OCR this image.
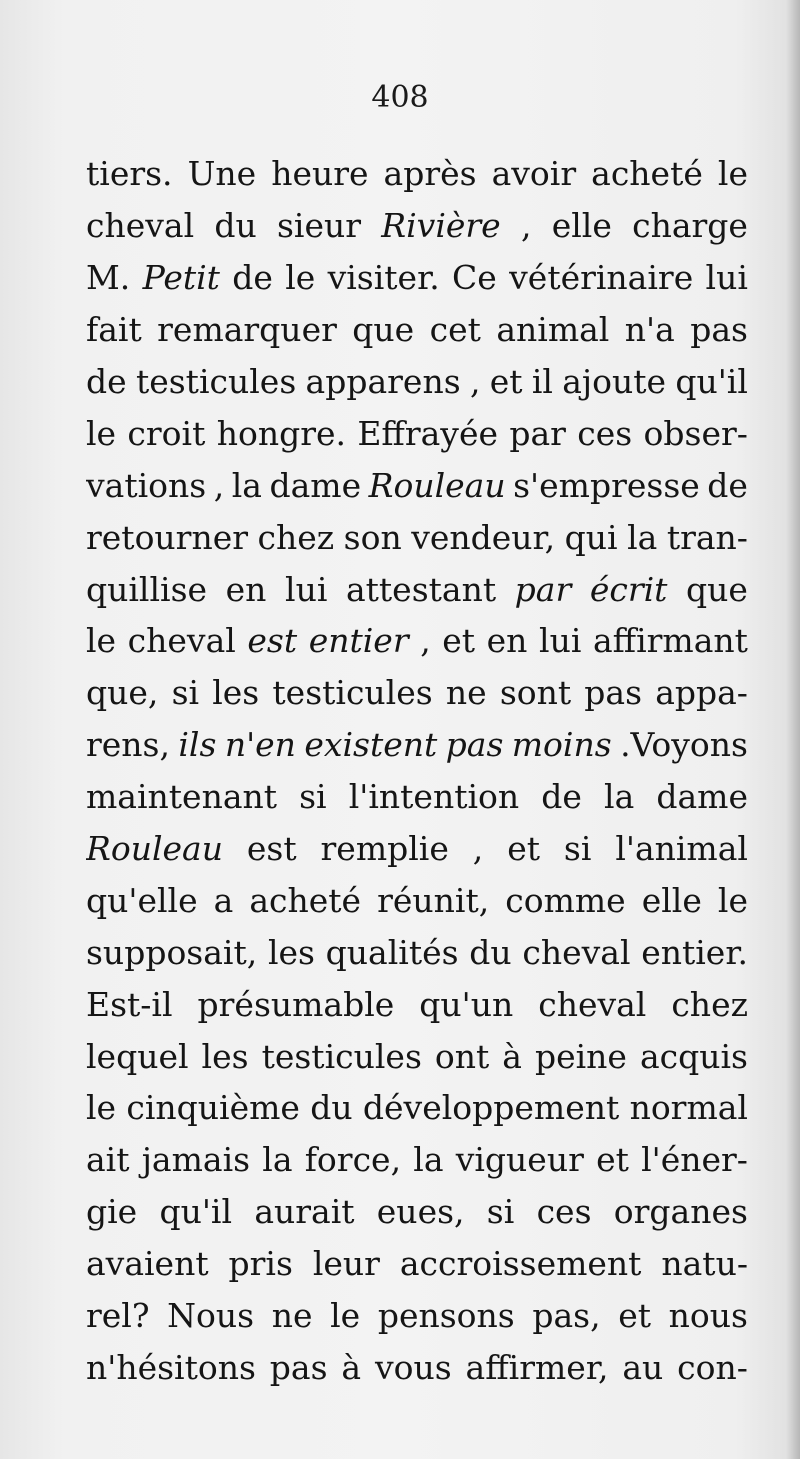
408
tiers. Une heure après avoir acheté le
cheval du sieur Rivière , elle charge
M. Petit de le visiter. Ce vétérinaire lui
fait remarquer que cet animal n'a pas
de testicules apparens , et il ajoute qu'il
le croit hongre. Effrayée par ces obser-
vations , la dame Rouleau s'empresse de
retourner chez son vendeur, qui la tran-
quillise en lui attestant par écrit que
le cheval est entier , et en lui affirmant
que, si les testicules ne sont pas appa-
rens, ils n'en existent pas moins .Voyons
maintenant si l'intention de la dame
Rouleau est remplie , et si l'animal
qu'elle a acheté réunit, comme elle le
supposait, les qualités du cheval entier.
Est-il présumable qu'un cheval chez
lequel les testicules ont à peine acquis
le cinquième du développement normal
ait jamais la force, la vigueur et l'éner-
gie qu'il aurait eues, si ces organes
avaient pris leur accroissement natu-
rel? Nous ne le pensons pas, et nous
n'hésitons pas à vous affirmer, au con-
